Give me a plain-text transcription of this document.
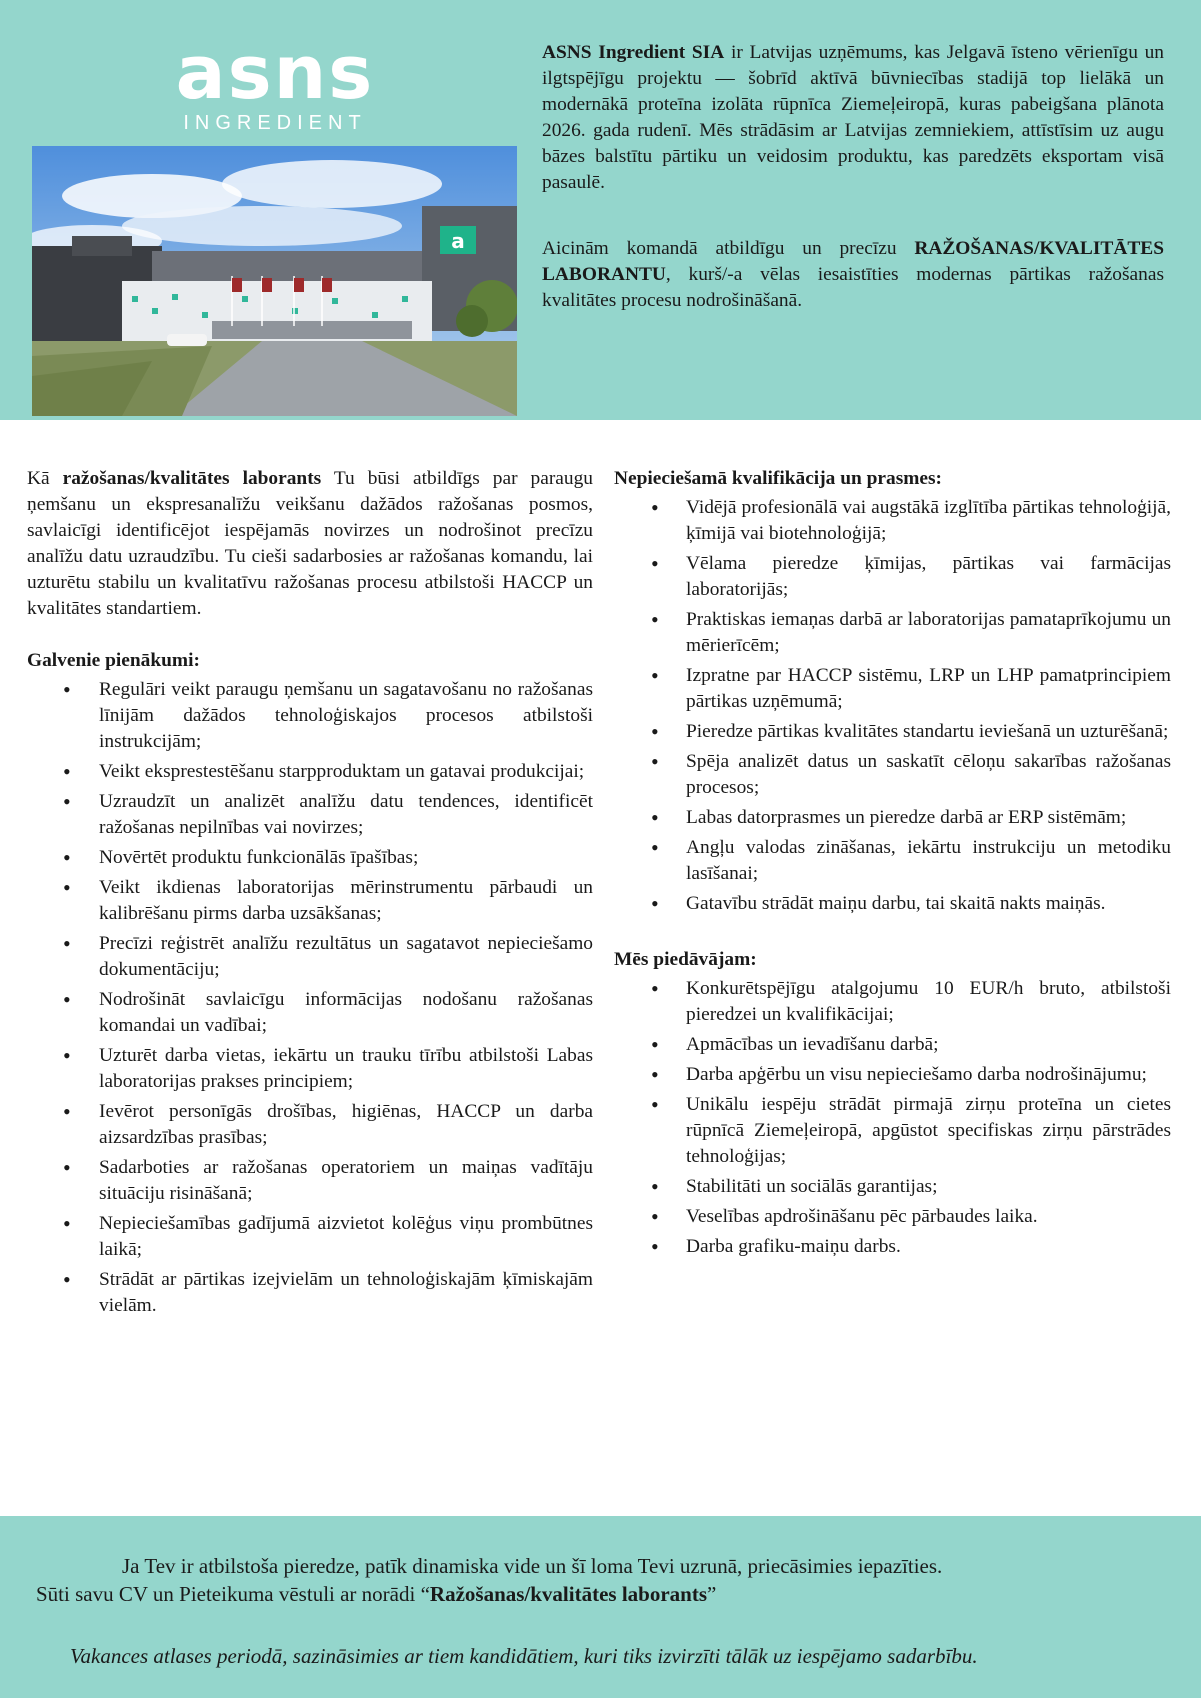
asns
INGREDIENT
a

ASNS Ingredient SIA ir Latvijas uzņēmums, kas Jelgavā īsteno vērienīgu un ilgtspējīgu projektu — šobrīd aktīvā būvniecības stadijā top lielākā un modernākā proteīna izolāta rūpnīca Ziemeļeiropā, kuras pabeigšana plānota 2026. gada rudenī. Mēs strādāsim ar Latvijas zemniekiem, attīstīsim uz augu bāzes balstītu pārtiku un veidosim produktu, kas paredzēts eksportam visā pasaulē.

Aicinām komandā atbildīgu un precīzu RAŽOŠANAS/KVALITĀTES LABORANTU, kurš/-a vēlas iesaistīties modernas pārtikas ražošanas kvalitātes procesu nodrošināšanā.

Kā ražošanas/kvalitātes laborants Tu būsi atbildīgs par paraugu ņemšanu un ekspresanalīžu veikšanu dažādos ražošanas posmos, savlaicīgi identificējot iespējamās novirzes un nodrošinot precīzu analīžu datu uzraudzību. Tu cieši sadarbosies ar ražošanas komandu, lai uzturētu stabilu un kvalitatīvu ražošanas procesu atbilstoši HACCP un kvalitātes standartiem.

Galvenie pienākumi:
• Regulāri veikt paraugu ņemšanu un sagatavošanu no ražošanas līnijām dažādos tehnoloģiskajos procesos atbilstoši instrukcijām;
• Veikt eksprestestēšanu starpproduktam un gatavai produkcijai;
• Uzraudzīt un analizēt analīžu datu tendences, identificēt ražošanas nepilnības vai novirzes;
• Novērtēt produktu funkcionālās īpašības;
• Veikt ikdienas laboratorijas mērinstrumentu pārbaudi un kalibrēšanu pirms darba uzsākšanas;
• Precīzi reģistrēt analīžu rezultātus un sagatavot nepieciešamo dokumentāciju;
• Nodrošināt savlaicīgu informācijas nodošanu ražošanas komandai un vadībai;
• Uzturēt darba vietas, iekārtu un trauku tīrību atbilstoši Labas laboratorijas prakses principiem;
• Ievērot personīgās drošības, higiēnas, HACCP un darba aizsardzības prasības;
• Sadarboties ar ražošanas operatoriem un maiņas vadītāju situāciju risināšanā;
• Nepieciešamības gadījumā aizvietot kolēģus viņu prombūtnes laikā;
• Strādāt ar pārtikas izejvielām un tehnoloģiskajām ķīmiskajām vielām.
Nepieciešamā kvalifikācija un prasmes:
• Vidējā profesionālā vai augstākā izglītība pārtikas tehnoloģijā, ķīmijā vai biotehnoloģijā;
• Vēlama pieredze ķīmijas, pārtikas vai farmācijas laboratorijās;
• Praktiskas iemaņas darbā ar laboratorijas pamataprīkojumu un mērierīcēm;
• Izpratne par HACCP sistēmu, LRP un LHP pamatprincipiem pārtikas uzņēmumā;
• Pieredze pārtikas kvalitātes standartu ieviešanā un uzturēšanā;
• Spēja analizēt datus un saskatīt cēloņu sakarības ražošanas procesos;
• Labas datorprasmes un pieredze darbā ar ERP sistēmām;
• Angļu valodas zināšanas, iekārtu instrukciju un metodiku lasīšanai;
• Gatavību strādāt maiņu darbu, tai skaitā nakts maiņās.
Mēs piedāvājam:
• Konkurētspējīgu atalgojumu 10 EUR/h bruto, atbilstoši pieredzei un kvalifikācijai;
• Apmācības un ievadīšanu darbā;
• Darba apģērbu un visu nepieciešamo darba nodrošinājumu;
• Unikālu iespēju strādāt pirmajā zirņu proteīna un cietes rūpnīcā Ziemeļeiropā, apgūstot specifiskas zirņu pārstrādes tehnoloģijas;
• Stabilitāti un sociālās garantijas;
• Veselības apdrošināšanu pēc pārbaudes laika.
• Darba grafiku-maiņu darbs.
Ja Tev ir atbilstoša pieredze, patīk dinamiska vide un šī loma Tevi uzrunā, priecāsimies iepazīties.
Sūti savu CV un Pieteikuma vēstuli ar norādi “Ražošanas/kvalitātes laborants”
Vakances atlases periodā, sazināsimies ar tiem kandidātiem, kuri tiks izvirzīti tālāk uz iespējamo sadarbību.
